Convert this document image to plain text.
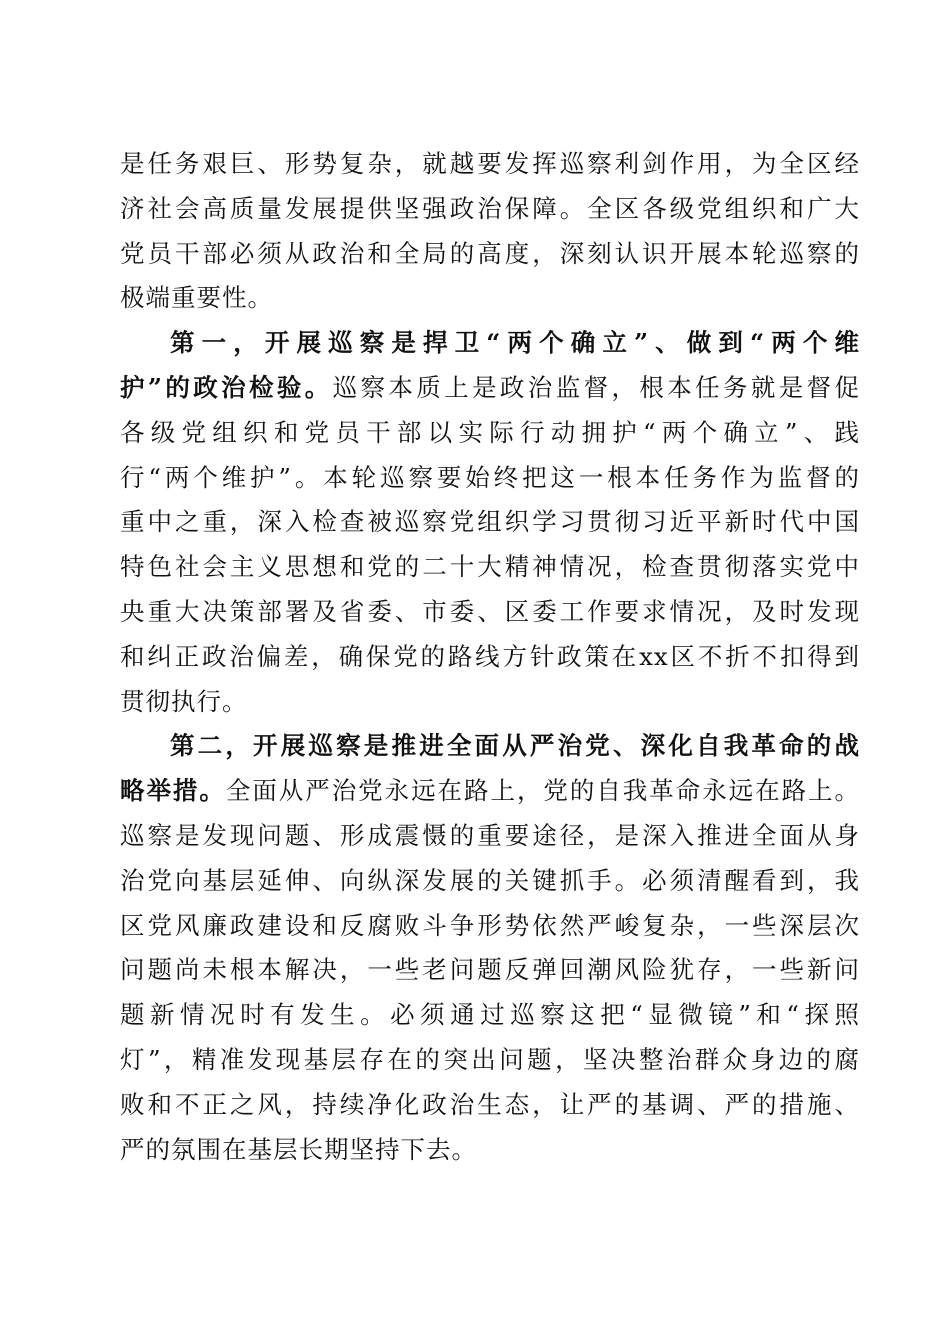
是任务艰巨、形势复杂，就越要发挥巡察利剑作用，为全区经
济社会高质量发展提供坚强政治保障。全区各级党组织和广大
党员干部必须从政治和全局的高度，深刻认识开展本轮巡察的
极端重要性。
第一，开展巡察是捍卫“两个确立”、做到“两个维
护”的政治检验。巡察本质上是政治监督，根本任务就是督促
各级党组织和党员干部以实际行动拥护“两个确立”、践
行“两个维护”。本轮巡察要始终把这一根本任务作为监督的
重中之重，深入检查被巡察党组织学习贯彻习近平新时代中国
特色社会主义思想和党的二十大精神情况，检查贯彻落实党中
央重大决策部署及省委、市委、区委工作要求情况，及时发现
和纠正政治偏差，确保党的路线方针政策在xx区不折不扣得到
贯彻执行。
第二，开展巡察是推进全面从严治党、深化自我革命的战
略举措。全面从严治党永远在路上，党的自我革命永远在路上。
巡察是发现问题、形成震慑的重要途径，是深入推进全面从身
治党向基层延伸、向纵深发展的关键抓手。必须清醒看到，我
区党风廉政建设和反腐败斗争形势依然严峻复杂，一些深层次
问题尚未根本解决，一些老问题反弹回潮风险犹存，一些新问
题新情况时有发生。必须通过巡察这把“显微镜”和“探照
灯”，精准发现基层存在的突出问题，坚决整治群众身边的腐
败和不正之风，持续净化政治生态，让严的基调、严的措施、
严的氛围在基层长期坚持下去。
